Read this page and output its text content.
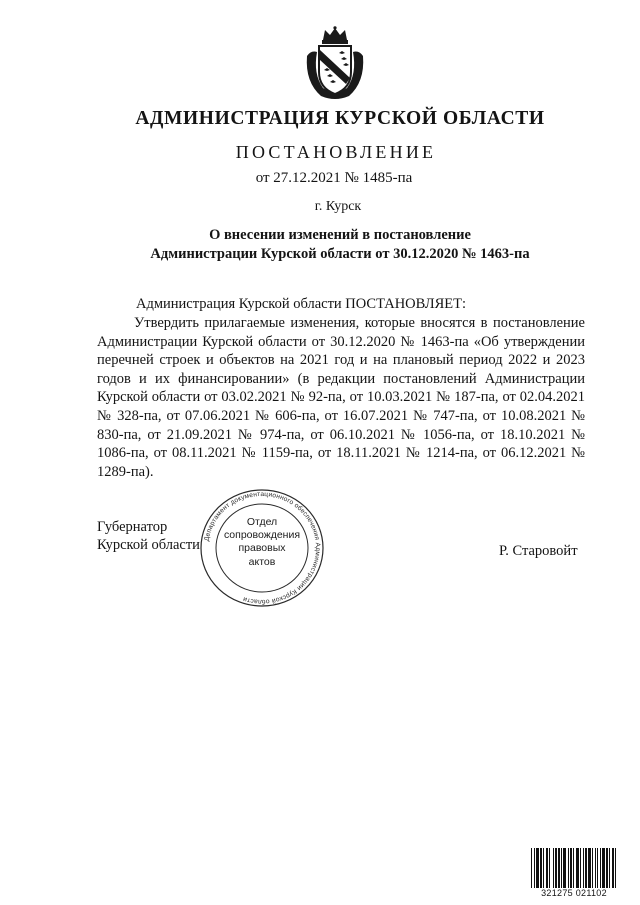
АДМИНИСТРАЦИЯ КУРСКОЙ ОБЛАСТИ
ПОСТАНОВЛЕНИЕ
от 27.12.2021 № 1485-па
г. Курск
О внесении изменений в постановление
Администрации Курской области от 30.12.2020 № 1463-па
Администрация Курской области ПОСТАНОВЛЯЕТ:
Утвердить прилагаемые изменения, которые вносятся в постановление Администрации Курской области от 30.12.2020 № 1463-па «Об утверждении перечней строек и объектов на 2021 год и на плановый период 2022 и 2023 годов и их финансировании» (в редакции постановлений Администрации Курской области от 03.02.2021 № 92-па, от 10.03.2021 № 187-па, от 02.04.2021 № 328-па, от 07.06.2021 № 606-па, от 16.07.2021 № 747-па, от 10.08.2021 № 830-па, от 21.09.2021 № 974-па, от 06.10.2021 № 1056-па, от 18.10.2021 № 1086-па, от 08.11.2021 № 1159-па, от 18.11.2021 № 1214-па, от 06.12.2021 № 1289-па).
Губернатор
Курской области	Р. Старовойт
Департамент документационного обеспечения Администрации Курской области
Отдел
сопровождения
правовых
актов
321275 021102
